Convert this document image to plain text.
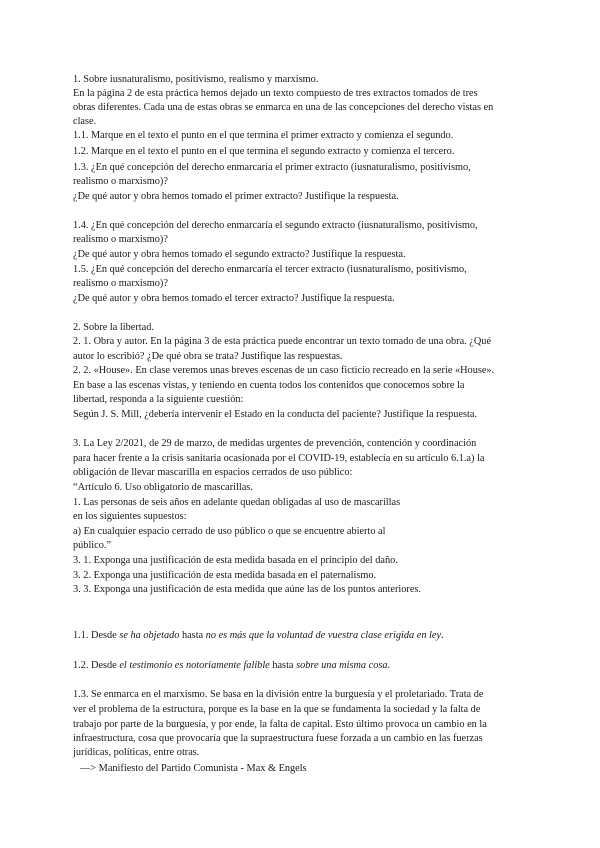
1. Sobre iusnaturalismo, positivismo, realismo y marxismo.
En la página 2 de esta práctica hemos dejado un texto compuesto de tres extractos tomados de tres
obras diferentes. Cada una de estas obras se enmarca en una de las concepciones del derecho vistas en
clase.
1.1. Marque en el texto el punto en el que termina el primer extracto y comienza el segundo.
1.2. Marque en el texto el punto en el que termina el segundo extracto y comienza el tercero.
1.3. ¿En qué concepción del derecho enmarcaría el primer extracto (iusnaturalismo, positivismo,
realismo o marxismo)?
¿De qué autor y obra hemos tomado el primer extracto? Justifique la respuesta.
1.4. ¿En qué concepción del derecho enmarcaría el segundo extracto (iusnaturalismo, positivismo,
realismo o marxismo)?
¿De qué autor y obra hemos tomado el segundo extracto? Justifique la respuesta.
1.5. ¿En qué concepción del derecho enmarcaría el tercer extracto (iusnaturalismo, positivismo,
realismo o marxismo)?
¿De qué autor y obra hemos tomado el tercer extracto? Justifique la respuesta.
2. Sobre la libertad.
2. 1. Obra y autor. En la página 3 de esta práctica puede encontrar un texto tomado de una obra. ¿Qué
autor lo escribió? ¿De qué obra se trata? Justifique las respuestas.
2. 2. «House». En clase veremos unas breves escenas de un caso ficticio recreado en la serie «House».
En base a las escenas vistas, y teniendo en cuenta todos los contenidos que conocemos sobre la
libertad, responda a la siguiente cuestión:
Según J. S. Mill, ¿debería intervenir el Estado en la conducta del paciente? Justifique la respuesta.
3. La Ley 2/2021, de 29 de marzo, de medidas urgentes de prevención, contención y coordinación
para hacer frente a la crisis sanitaria ocasionada por el COVID-19, establecía en su artículo 6.1.a) la
obligación de llevar mascarilla en espacios cerrados de uso público:
“Artículo 6. Uso obligatorio de mascarillas.
1. Las personas de seis años en adelante quedan obligadas al uso de mascarillas
en los siguientes supuestos:
a) En cualquier espacio cerrado de uso público o que se encuentre abierto al
público.”
3. 1. Exponga una justificación de esta medida basada en el principio del daño.
3. 2. Exponga una justificación de esta medida basada en el paternalismo.
3. 3. Exponga una justificación de esta medida que aúne las de los puntos anteriores.
1.1. Desde se ha objetado hasta no es más que la voluntad de vuestra clase erigida en ley.
1.2. Desde el testimonio es notoriamente falible hasta sobre una misma cosa.
1.3. Se enmarca en el marxismo. Se basa en la división entre la burguesía y el proletariado. Trata de
ver el problema de la estructura, porque es la base en la que se fundamenta la sociedad y la falta de
trabajo por parte de la burguesía, y por ende, la falta de capital. Esto último provoca un cambio en la
infraestructura, cosa que provocaría que la supraestructura fuese forzada a un cambio en las fuerzas
jurídicas, políticas, entre otras.
—> Manifiesto del Partido Comunista - Max & Engels
